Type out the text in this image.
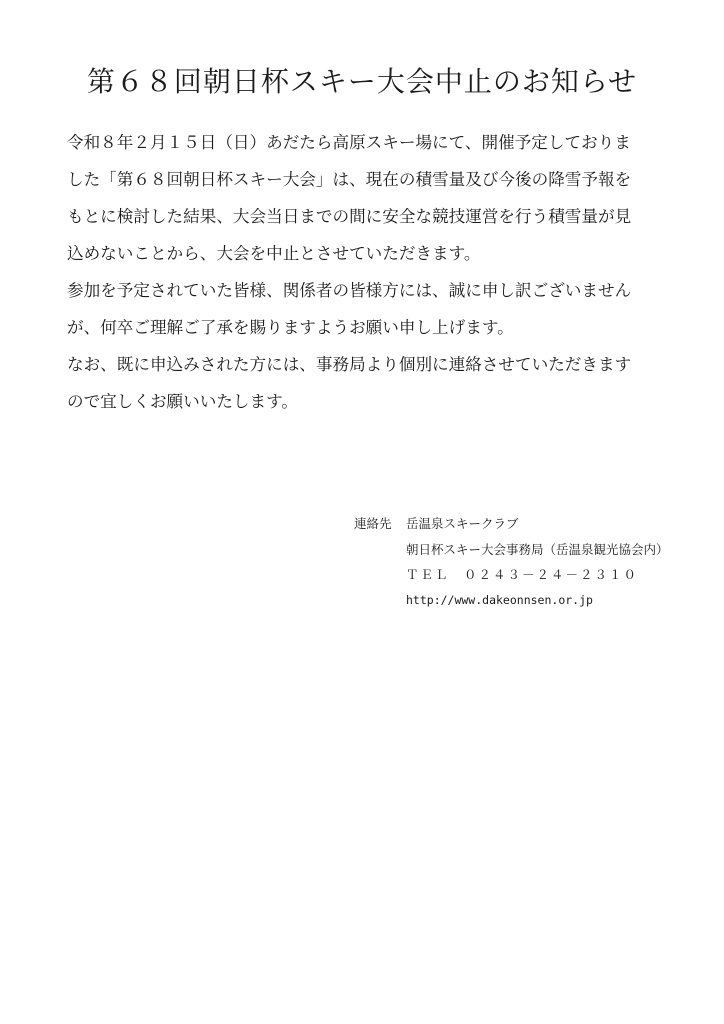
第６８回朝日杯スキー大会中止のお知らせ
令和８年２月１５日（日）あだたら高原スキー場にて、開催予定しておりま
した「第６８回朝日杯スキー大会」は、現在の積雪量及び今後の降雪予報を
もとに検討した結果、大会当日までの間に安全な競技運営を行う積雪量が見
込めないことから、大会を中止とさせていただきます。
参加を予定されていた皆様、関係者の皆様方には、誠に申し訳ございません
が、何卒ご理解ご了承を賜りますようお願い申し上げます。
なお、既に申込みされた方には、事務局より個別に連絡させていただきます
ので宜しくお願いいたします。
連絡先 岳温泉スキークラブ
朝日杯スキー大会事務局（岳温泉観光協会内）
ＴＥＬ　０２４３－２４－２３１０
http://www.dakeonnsen.or.jp
